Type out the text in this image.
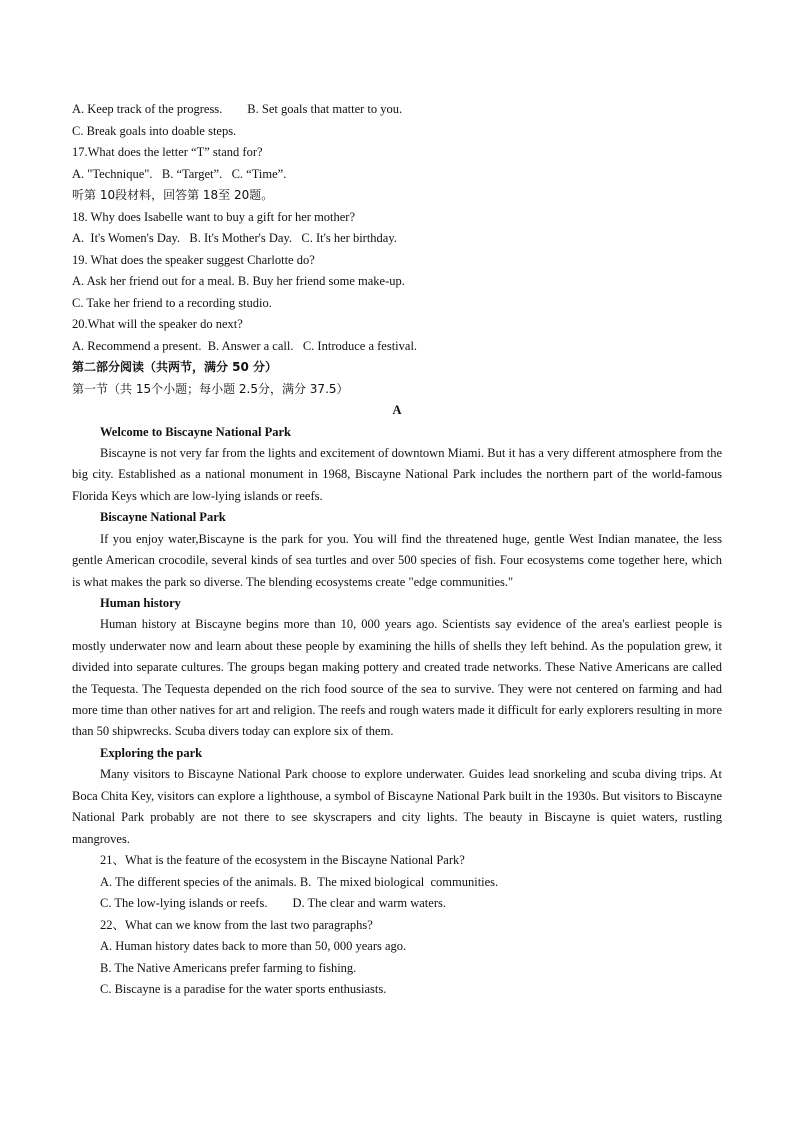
A. Keep track of the progress.        B. Set goals that matter to you.
C. Break goals into doable steps.
17.What does the letter “T” stand for?
A. "Technique".   B. “Target”.   C. “Time”.
听第 10段材料，回答第 18至 20题。
18. Why does Isabelle want to buy a gift for her mother?
A.  It's Women's Day.   B. It's Mother's Day.   C. It's her birthday.
19. What does the speaker suggest Charlotte do?
A. Ask her friend out for a meal. B. Buy her friend some make-up.
C. Take her friend to a recording studio.
20.What will the speaker do next?
A. Recommend a present.  B. Answer a call.   C. Introduce a festival.
第二部分阅读（共两节，满分 50 分）
第一节（共 15个小题；每小题 2.5分，满分 37.5）
A
Welcome to Biscayne National Park

Biscayne is not very far from the lights and excitement of downtown Miami. But it has a very different atmosphere from the big city. Established as a national monument in 1968, Biscayne National Park includes the northern part of the world-famous Florida Keys which are low-lying islands or reefs.

Biscayne National Park

If you enjoy water,Biscayne is the park for you. You will find the threatened huge, gentle West Indian manatee, the less gentle American crocodile, several kinds of sea turtles and over 500 species of fish. Four ecosystems come together here, which is what makes the park so diverse. The blending ecosystems create "edge communities."

Human history

Human history at Biscayne begins more than 10, 000 years ago. Scientists say evidence of the area's earliest people is mostly underwater now and learn about these people by examining the hills of shells they left behind. As the population grew, it divided into separate cultures. The groups began making pottery and created trade networks. These Native Americans are called the Tequesta. The Tequesta depended on the rich food source of the sea to survive. They were not centered on farming and had more time than other natives for art and religion. The reefs and rough waters made it difficult for early explorers resulting in more than 50 shipwrecks. Scuba divers today can explore six of them.

Exploring the park

Many visitors to Biscayne National Park choose to explore underwater. Guides lead snorkeling and scuba diving trips. At Boca Chita Key, visitors can explore a lighthouse, a symbol of Biscayne National Park built in the 1930s. But visitors to Biscayne National Park probably are not there to see skyscrapers and city lights. The beauty in Biscayne is quiet waters, rustling mangroves.

21、What is the feature of the ecosystem in the Biscayne National Park?
A. The different species of the animals. B.  The mixed biological  communities.
C. The low-lying islands or reefs.        D. The clear and warm waters.
22、What can we know from the last two paragraphs?
A. Human history dates back to more than 50, 000 years ago.
B. The Native Americans prefer farming to fishing.
C. Biscayne is a paradise for the water sports enthusiasts.
